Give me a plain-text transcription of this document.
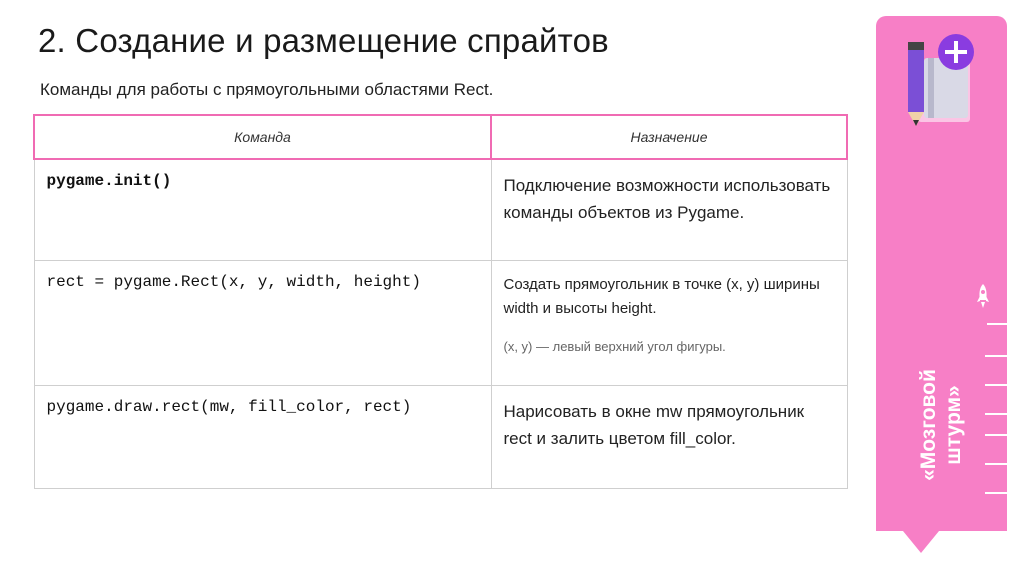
2. Создание и размещение спрайтов
Команды для работы с прямоугольными областями Rect.
Команда	Назначение
pygame.init()	Подключение возможности использовать команды объектов из Pygame.

rect = pygame.Rect(x, y, width, height)	Создать прямоугольник в точке (x, y) ширины width и высоты height.
(x, y) — левый верхний угол фигуры.

pygame.draw.rect(mw, fill_color, rect)	Нарисовать в окне mw прямоугольник rect и залить цветом fill_color.	«Мозговой штурм»
